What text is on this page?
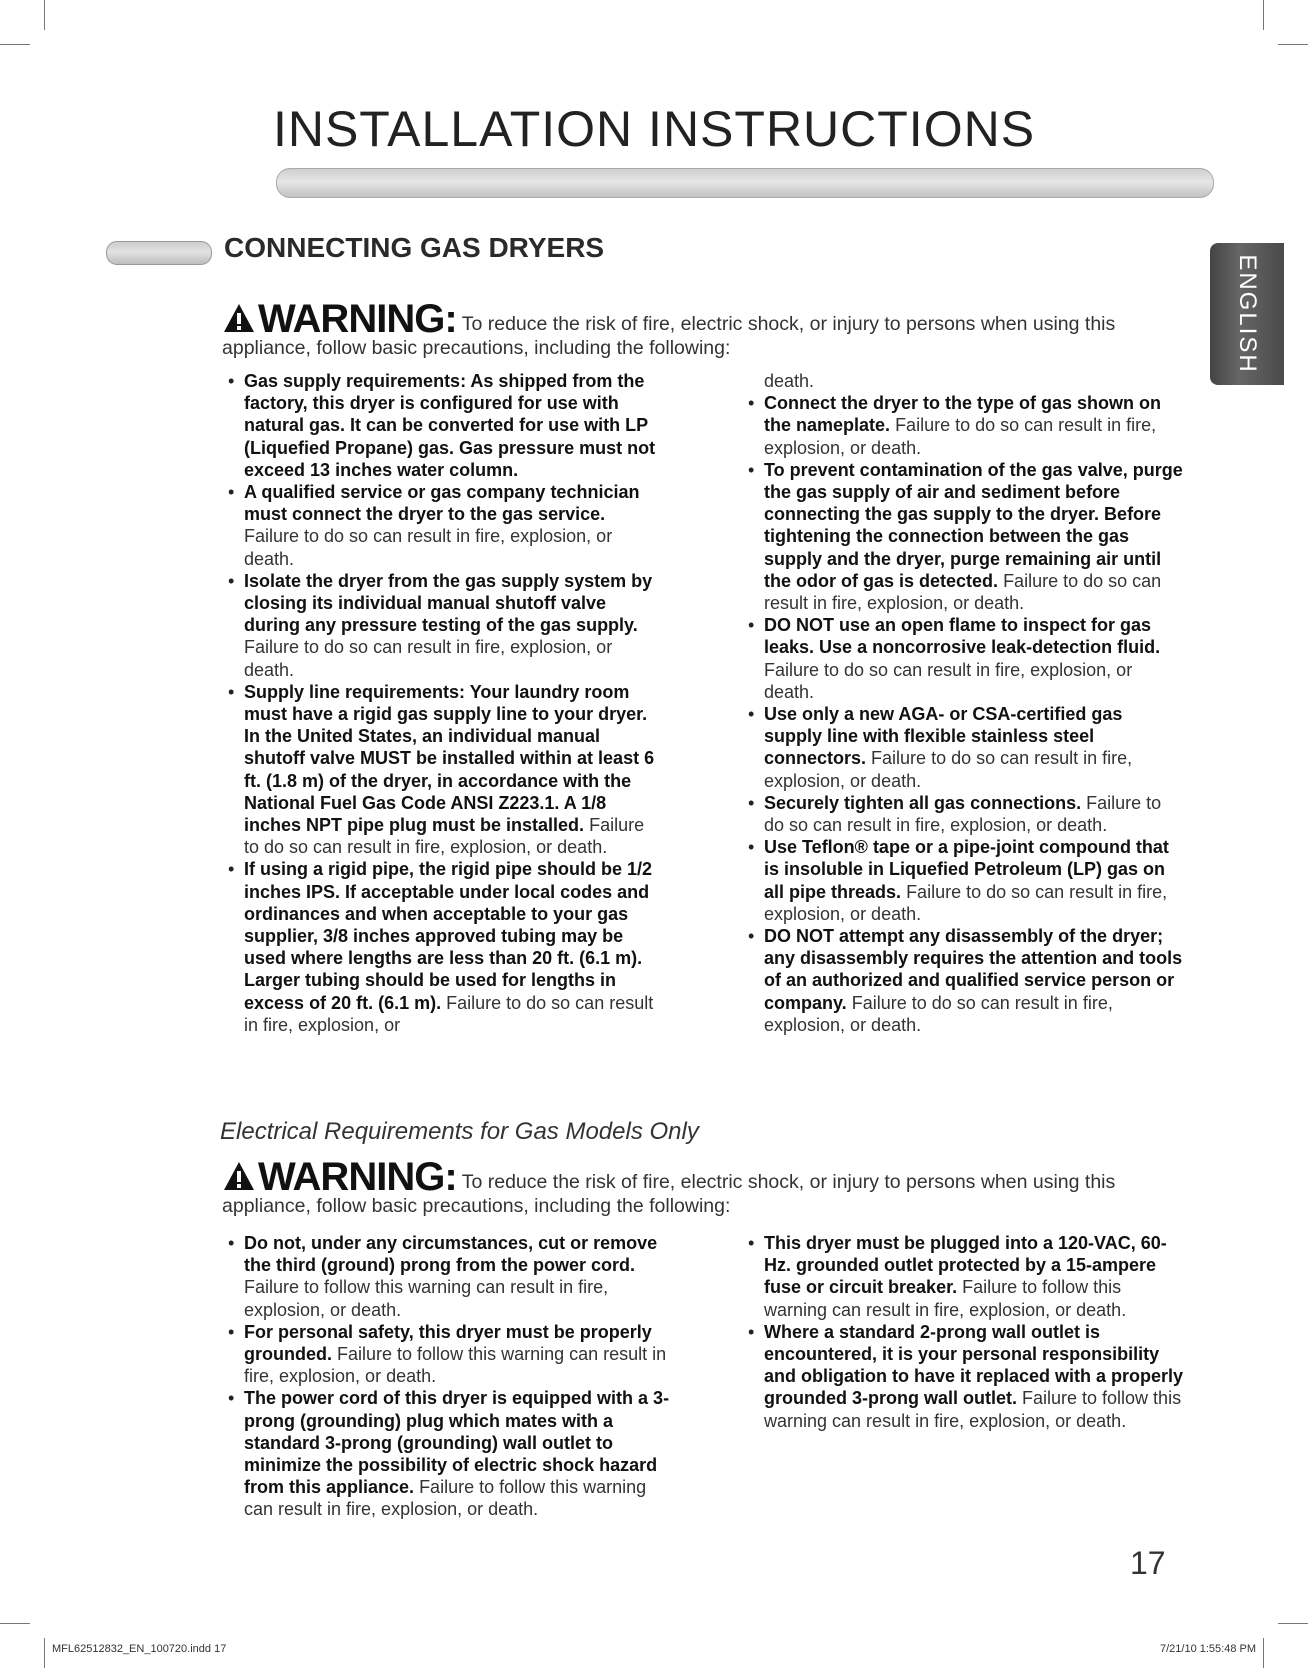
INSTALLATION INSTRUCTIONS
ENGLISH
CONNECTING GAS DRYERS
WARNING: To reduce the risk of fire, electric shock, or injury to persons when using this appliance, follow basic precautions, including the following:
• Gas supply requirements: As shipped from the factory, this dryer is configured for use with natural gas. It can be converted for use with LP (Liquefied Propane) gas. Gas pressure must not exceed 13 inches water column.
• A qualified service or gas company technician must connect the dryer to the gas service. Failure to do so can result in fire, explosion, or death.
• Isolate the dryer from the gas supply system by closing its individual manual shutoff valve during any pressure testing of the gas supply. Failure to do so can result in fire, explosion, or death.
• Supply line requirements: Your laundry room must have a rigid gas supply line to your dryer. In the United States, an individual manual shutoff valve MUST be installed within at least 6 ft. (1.8 m) of the dryer, in accordance with the National Fuel Gas Code ANSI Z223.1. A 1/8 inches NPT pipe plug must be installed. Failure to do so can result in fire, explosion, or death.
• If using a rigid pipe, the rigid pipe should be 1/2 inches IPS. If acceptable under local codes and ordinances and when acceptable to your gas supplier, 3/8 inches approved tubing may be used where lengths are less than 20 ft. (6.1 m). Larger tubing should be used for lengths in excess of 20 ft. (6.1 m). Failure to do so can result in fire, explosion, or
death.
• Connect the dryer to the type of gas shown on the nameplate. Failure to do so can result in fire, explosion, or death.
• To prevent contamination of the gas valve, purge the gas supply of air and sediment before connecting the gas supply to the dryer. Before tightening the connection between the gas supply and the dryer, purge remaining air until the odor of gas is detected. Failure to do so can result in fire, explosion, or death.
• DO NOT use an open flame to inspect for gas leaks. Use a noncorrosive leak-detection fluid. Failure to do so can result in fire, explosion, or death.
• Use only a new AGA- or CSA-certified gas supply line with flexible stainless steel connectors. Failure to do so can result in fire, explosion, or death.
• Securely tighten all gas connections. Failure to do so can result in fire, explosion, or death.
• Use Teflon® tape or a pipe-joint compound that is insoluble in Liquefied Petroleum (LP) gas on all pipe threads. Failure to do so can result in fire, explosion, or death.
• DO NOT attempt any disassembly of the dryer; any disassembly requires the attention and tools of an authorized and qualified service person or company. Failure to do so can result in fire, explosion, or death.
Electrical Requirements for Gas Models Only
WARNING: To reduce the risk of fire, electric shock, or injury to persons when using this appliance, follow basic precautions, including the following:
• Do not, under any circumstances, cut or remove the third (ground) prong from the power cord. Failure to follow this warning can result in fire, explosion, or death.
• For personal safety, this dryer must be properly grounded. Failure to follow this warning can result in fire, explosion, or death.
• The power cord of this dryer is equipped with a 3-prong (grounding) plug which mates with a standard 3-prong (grounding) wall outlet to minimize the possibility of electric shock hazard from this appliance. Failure to follow this warning can result in fire, explosion, or death.
• This dryer must be plugged into a 120-VAC, 60-Hz. grounded outlet protected by a 15-ampere fuse or circuit breaker. Failure to follow this warning can result in fire, explosion, or death.
• Where a standard 2-prong wall outlet is encountered, it is your personal responsibility and obligation to have it replaced with a properly grounded 3-prong wall outlet. Failure to follow this warning can result in fire, explosion, or death.
17
MFL62512832_EN_100720.indd 17	7/21/10 1:55:48 PM
